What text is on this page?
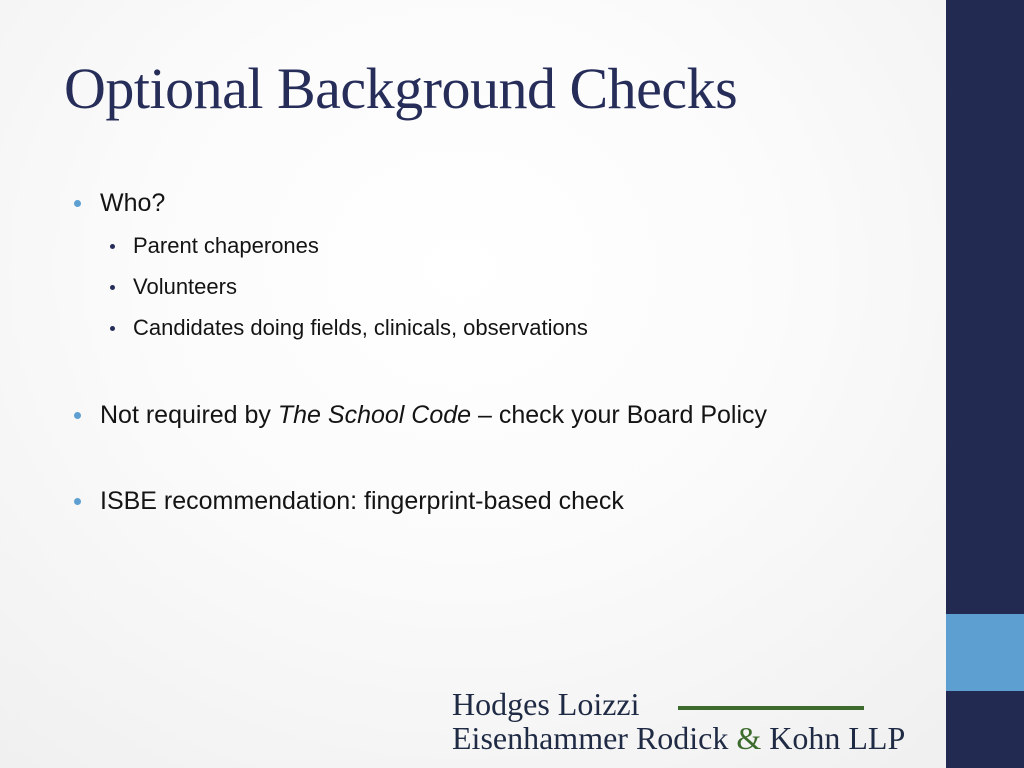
Optional Background Checks
Who?
Parent chaperones
Volunteers
Candidates doing fields, clinicals, observations
Not required by The School Code – check your Board Policy
ISBE recommendation: fingerprint-based check
Hodges Loizzi
Eisenhammer Rodick & Kohn LLP
